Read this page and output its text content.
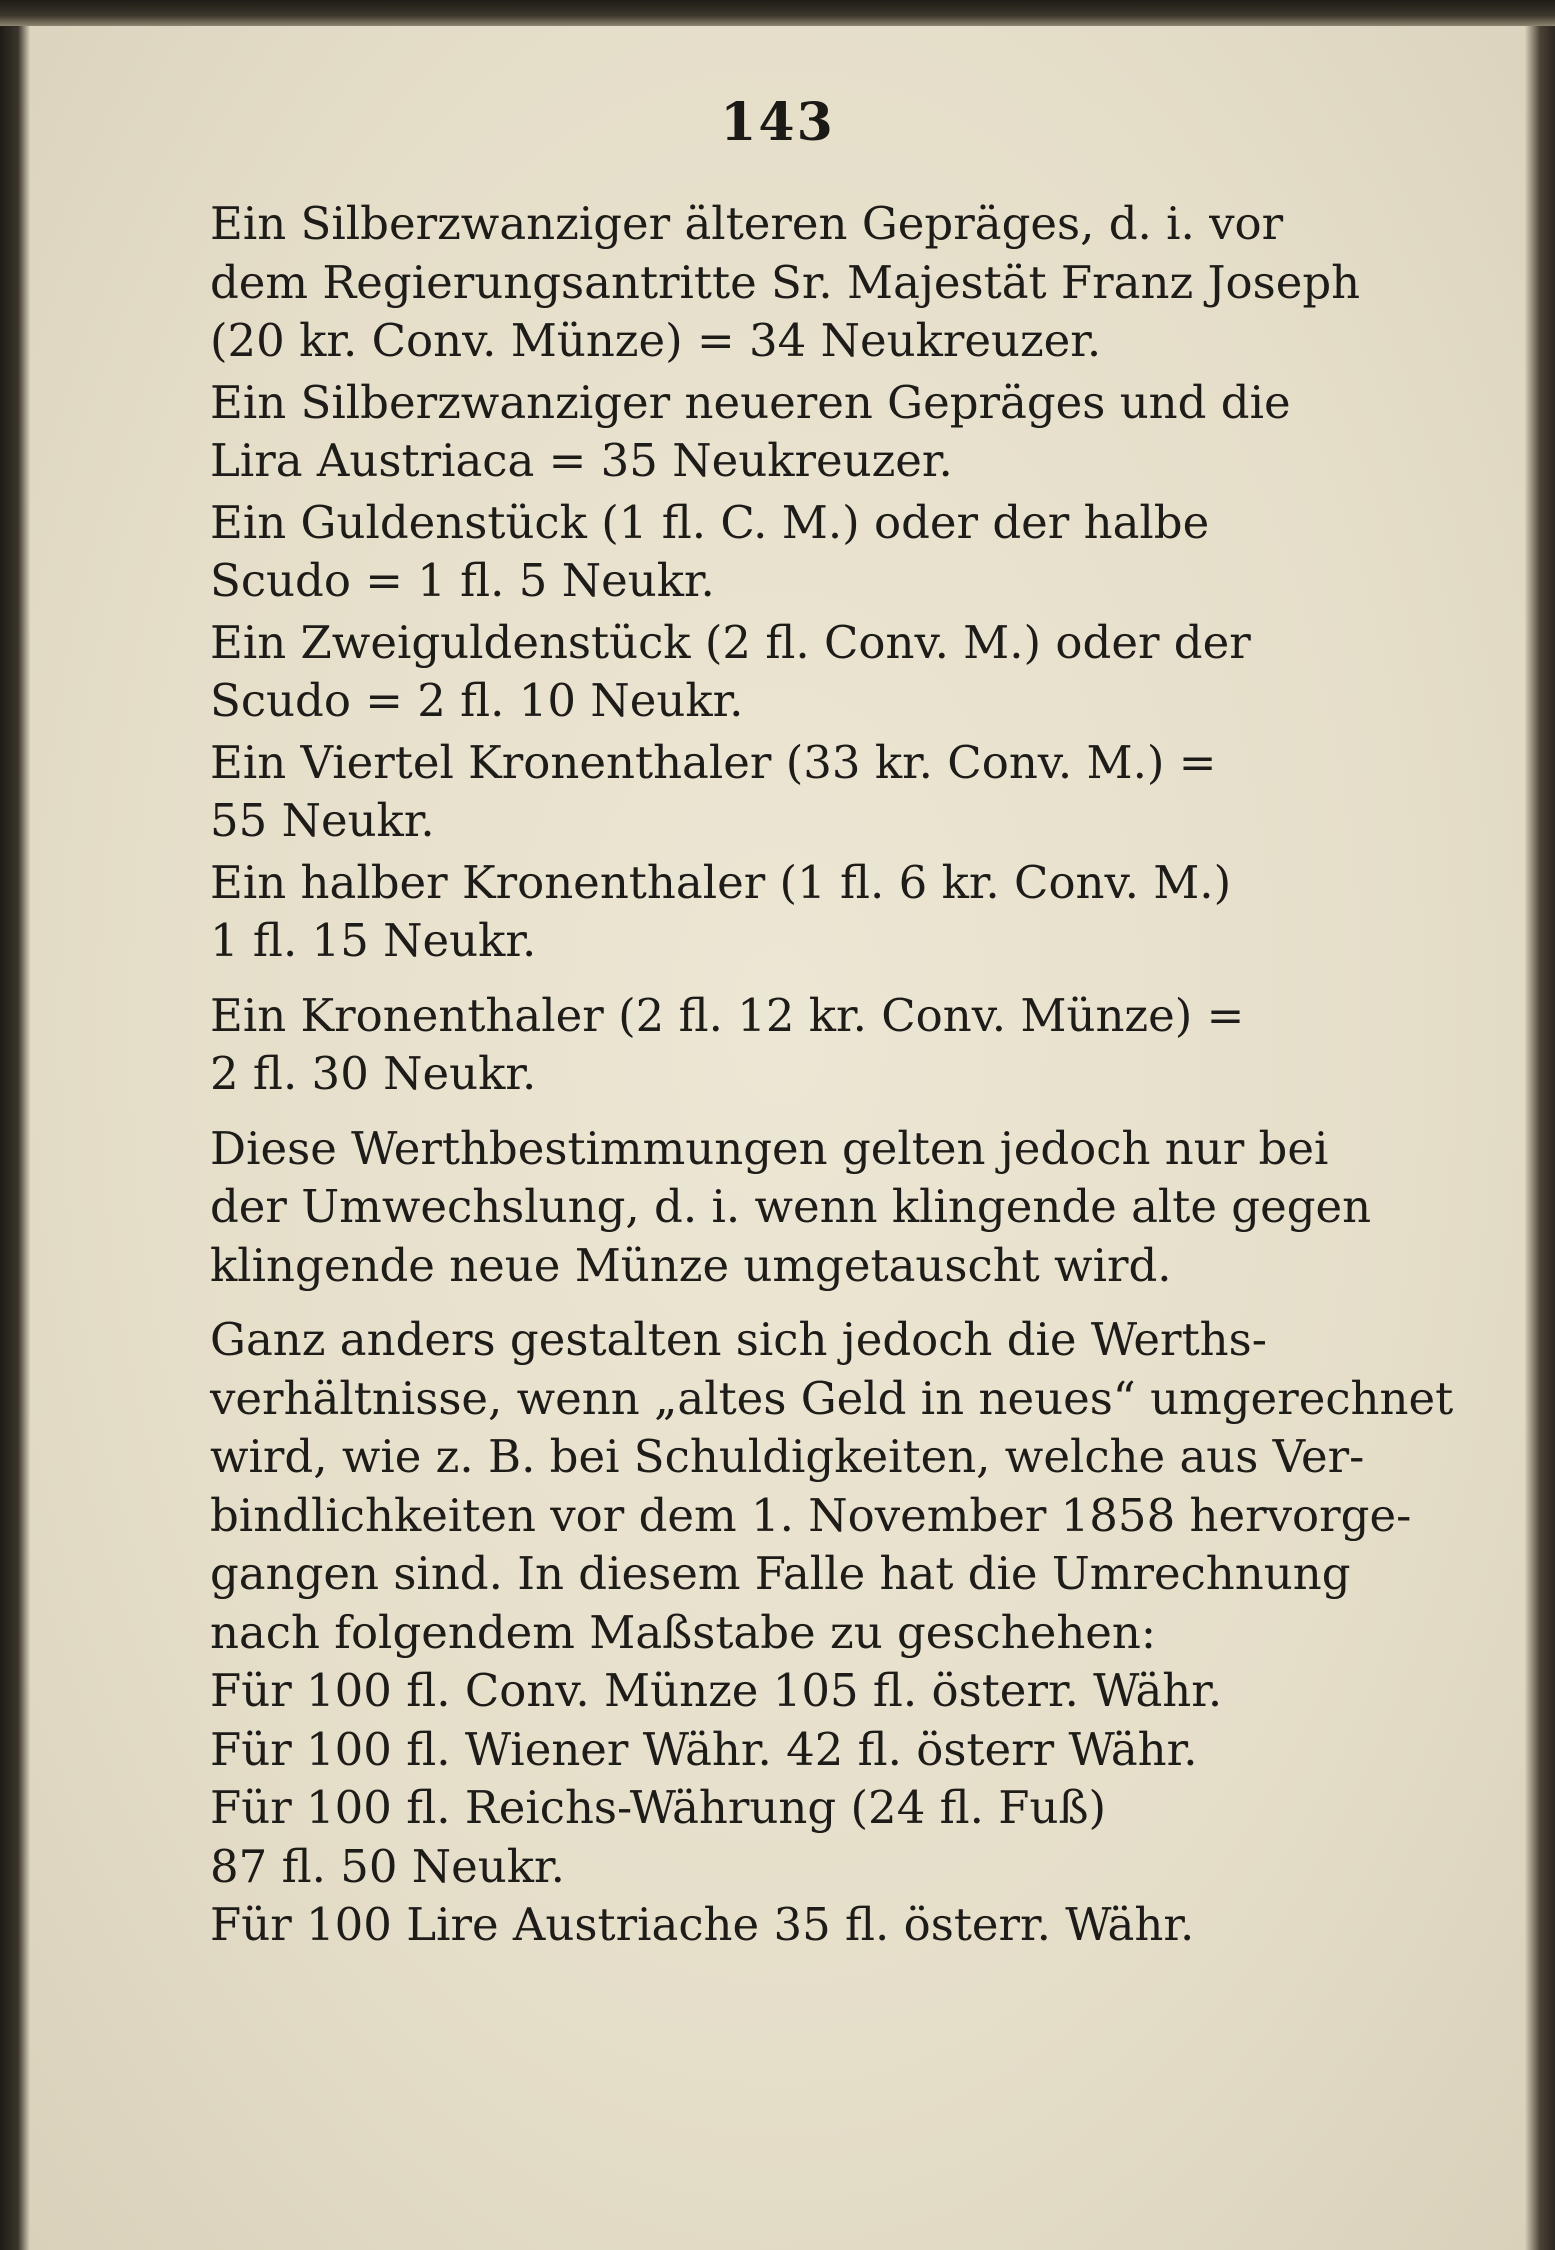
143

Ein Silberzwanziger älteren Gepräges, d. i. vor
dem Regierungsantritte Sr. Majestät Franz Joseph
(20 kr. Conv. Münze) = 34 Neukreuzer.

Ein Silberzwanziger neueren Gepräges und die
Lira Austriaca = 35 Neukreuzer.

Ein Guldenstück (1 fl. C. M.) oder der halbe
Scudo = 1 fl. 5 Neukr.

Ein Zweiguldenstück (2 fl. Conv. M.) oder der
Scudo = 2 fl. 10 Neukr.

Ein Viertel Kronenthaler (33 kr. Conv. M.) =
55 Neukr.

Ein halber Kronenthaler (1 fl. 6 kr. Conv. M.)
1 fl. 15 Neukr.

Ein Kronenthaler (2 fl. 12 kr. Conv. Münze) =
2 fl. 30 Neukr.

Diese Werthbestimmungen gelten jedoch nur bei
der Umwechslung, d. i. wenn klingende alte gegen
klingende neue Münze umgetauscht wird.

Ganz anders gestalten sich jedoch die Werths-
verhältnisse, wenn „altes Geld in neues“ umgerechnet
wird, wie z. B. bei Schuldigkeiten, welche aus Ver-
bindlichkeiten vor dem 1. November 1858 hervorge-
gangen sind. In diesem Falle hat die Umrechnung
nach folgendem Maßstabe zu geschehen:

Für 100 fl. Conv. Münze 105 fl. österr. Währ.

Für 100 fl. Wiener Währ. 42 fl. österr Währ.

Für 100 fl. Reichs-Währung (24 fl. Fuß)
87 fl. 50 Neukr.

Für 100 Lire Austriache 35 fl. österr. Währ.
